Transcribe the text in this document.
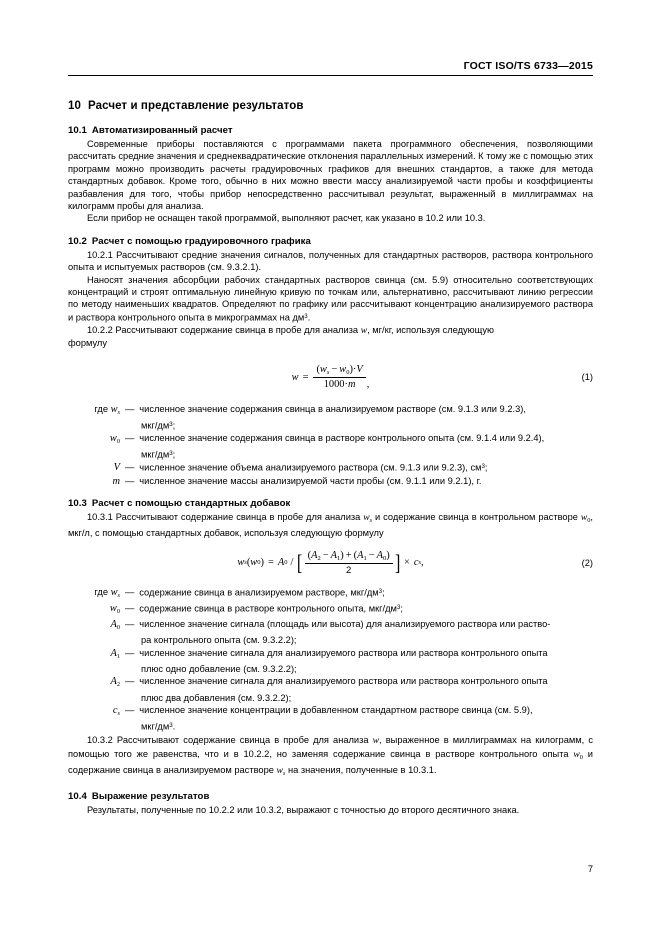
ГОСТ ISO/TS 6733—2015
10 Расчет и представление результатов
10.1 Автоматизированный расчет

Современные приборы поставляются с программами пакета программного обеспечения, позволяющими рассчитать средние значения и среднеквадратические отклонения параллельных измерений. К тому же с помощью этих программ можно производить расчеты градуировочных графиков для внешних стандартов, а также для метода стандартных добавок. Кроме того, обычно в них можно ввести массу анализируемой части пробы и коэффициенты разбавления для того, чтобы прибор непосредственно рассчитывал результат, выраженный в миллиграммах на килограмм пробы для анализа.

Если прибор не оснащен такой программой, выполняют расчет, как указано в 10.2 или 10.3.

10.2 Расчет с помощью градуировочного графика

10.2.1 Рассчитывают средние значения сигналов, полученных для стандартных растворов, раствора контрольного опыта и испытуемых растворов (см. 9.3.2.1).

Наносят значения абсорбции рабочих стандартных растворов свинца (см. 5.9) относительно соответствующих концентраций и строят оптимальную линейную кривую по точкам или, альтернативно, рассчитывают линию регрессии по методу наименьших квадратов. Определяют по графику или рассчитывают концентрацию анализируемого раствора и раствора контрольного опыта в микрограммах на $дм^3$.

10.2.2 Рассчитывают содержание свинца в пробе для анализа w, мг/кг, используя следующую

формулу

$w = \frac{(w_s - w_0)\cdot V}{1000\cdot m}$ ,
(1)
где $w_s$ — численное значение содержания свинца в анализируемом растворе (см. 9.1.3 или 9.2.3),
мкг/$дм^3$;
$w_0$ — численное значение содержания свинца в растворе контрольного опыта (см. 9.1.4 или 9.2.4),
мкг/$дм^3$;
V — численное значение объема анализируемого раствора (см. 9.1.3 или 9.2.3), $см^3$;
m — численное значение массы анализируемой части пробы (см. 9.1.1 или 9.2.1), г.
10.3 Расчет с помощью стандартных добавок

10.3.1 Рассчитывают содержание свинца в пробе для анализа $w_s$ и содержание свинца в контрольном растворе $w_0$, мкг/л, с помощью стандартных добавок, используя следующую формулу

w s ( w 0 ) = A 0 / [ $\frac{(A_2 - A_1) + (A_1 - A_0)}{2}$ ] × c s ,	(2)
где $w_s$ — содержание свинца в анализируемом растворе, мкг/$дм^3$;
$w_0$ — содержание свинца в растворе контрольного опыта, мкг/$дм^3$;
$A_0$ — численное значение сигнала (площадь или высота) для анализируемого раствора или раство-
ра контрольного опыта (см. 9.3.2.2);
$A_1$ — численное значение сигнала для анализируемого раствора или раствора контрольного опыта
плюс одно добавление (см. 9.3.2.2);
$A_2$ — численное значение сигнала для анализируемого раствора или раствора контрольного опыта
плюс два добавления (см. 9.3.2.2);
$c_s$ — численное значение концентрации в добавленном стандартном растворе свинца (см. 5.9),
мкг/$дм^3$.

10.3.2 Рассчитывают содержание свинца в пробе для анализа w, выраженное в миллиграммах на килограмм, с помощью того же равенства, что и в 10.2.2, но заменяя содержание свинца в растворе контрольного опыта $w_0$ и содержание свинца в анализируемом растворе $w_s$ на значения, полученные в 10.3.1.

10.4 Выражение результатов

Результаты, полученные по 10.2.2 или 10.3.2, выражают с точностью до второго десятичного знака.

7
